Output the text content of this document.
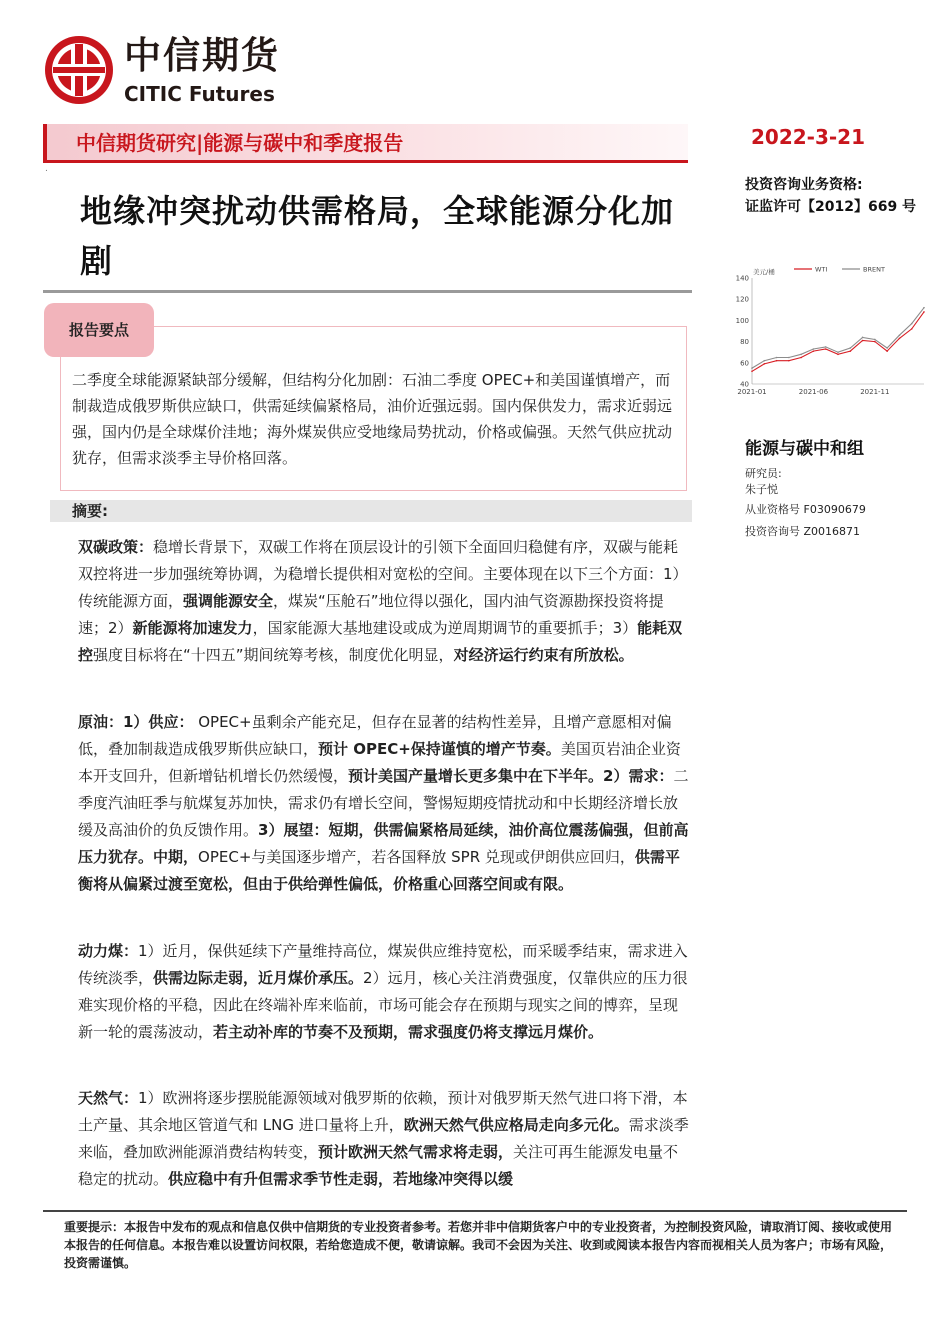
中信期货
CITIC Futures
中信期货研究|能源与碳中和季度报告	2022-3-21
.
地缘冲突扰动供需格局，全球能源分化加剧
投资咨询业务资格:
证监许可【2012】669 号
报告要点
二季度全球能源紧缺部分缓解，但结构分化加剧：石油二季度 OPEC+和美国谨慎增产，而制裁造成俄罗斯供应缺口，供需延续偏紧格局，油价近强远弱。国内保供发力，需求近弱远强，国内仍是全球煤价洼地；海外煤炭供应受地缘局势扰动，价格或偏强。天然气供应扰动犹存，但需求淡季主导价格回落。
摘要:
双碳政策：稳增长背景下，双碳工作将在顶层设计的引领下全面回归稳健有序，双碳与能耗双控将进一步加强统筹协调，为稳增长提供相对宽松的空间。主要体现在以下三个方面：1）传统能源方面，强调能源安全，煤炭“压舱石”地位得以强化，国内油气资源勘探投资将提速；2）新能源将加速发力，国家能源大基地建设或成为逆周期调节的重要抓手；3）能耗双控强度目标将在“十四五”期间统筹考核，制度优化明显，对经济运行约束有所放松。
原油：1）供应： OPEC+虽剩余产能充足，但存在显著的结构性差异，且增产意愿相对偏低，叠加制裁造成俄罗斯供应缺口，预计 OPEC+保持谨慎的增产节奏。美国页岩油企业资本开支回升，但新增钻机增长仍然缓慢，预计美国产量增长更多集中在下半年。2）需求：二季度汽油旺季与航煤复苏加快，需求仍有增长空间，警惕短期疫情扰动和中长期经济增长放缓及高油价的负反馈作用。3）展望：短期，供需偏紧格局延续，油价高位震荡偏强，但前高压力犹存。中期，OPEC+与美国逐步增产，若各国释放 SPR 兑现或伊朗供应回归，供需平衡将从偏紧过渡至宽松，但由于供给弹性偏低，价格重心回落空间或有限。
动力煤：1）近月，保供延续下产量维持高位，煤炭供应维持宽松，而采暖季结束，需求进入传统淡季，供需边际走弱，近月煤价承压。2）远月，核心关注消费强度，仅靠供应的压力很难实现价格的平稳，因此在终端补库来临前，市场可能会存在预期与现实之间的博弈，呈现新一轮的震荡波动，若主动补库的节奏不及预期，需求强度仍将支撑远月煤价。
天然气：1）欧洲将逐步摆脱能源领域对俄罗斯的依赖，预计对俄罗斯天然气进口将下滑，本土产量、其余地区管道气和 LNG 进口量将上升，欧洲天然气供应格局走向多元化。需求淡季来临，叠加欧洲能源消费结构转变，预计欧洲天然气需求将走弱，关注可再生能源发电量不稳定的扰动。供应稳中有升但需求季节性走弱，若地缘冲突得以缓
40
60
80
100
120
140
2021-01	2021-06	2021-11
美元/桶	WTI	BRENT
能源与碳中和组
研究员:
朱子悦
从业资格号 F03090679
投资咨询号 Z0016871
重要提示：本报告中发布的观点和信息仅供中信期货的专业投资者参考。若您并非中信期货客户中的专业投资者，为控制投资风险，请取消订阅、接收或使用本报告的任何信息。本报告难以设置访问权限，若给您造成不便，敬请谅解。我司不会因为关注、收到或阅读本报告内容而视相关人员为客户；市场有风险，投资需谨慎。
